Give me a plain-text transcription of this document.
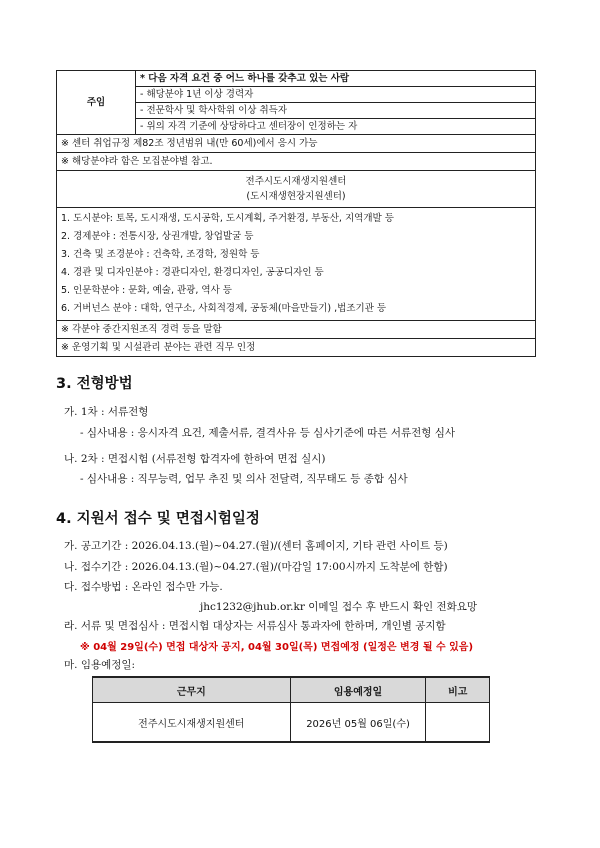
주임	
* 다음 자격 요건 중 어느 하나를 갖추고 있는 사람
- 해당분야 1년 이상 경력자
- 전문학사 및 학사학위 이상 취득자
- 위의 자격 기준에 상당하다고 센터장이 인정하는 자

※ 센터 취업규정 제82조 정년범위 내(만 60세)에서 응시 가능
※ 해당분야라 함은 모집분야별 참고.

전주시도시재생지원센터
(도시재생현장지원센터)

1. 도시분야: 토목, 도시재생, 도시공학, 도시계획, 주거환경, 부동산, 지역개발 등
2. 경제분야 : 전통시장, 상권개발, 창업발굴 등
3. 건축 및 조경분야 : 건축학, 조경학, 정원학 등
4. 경관 및 디자인분야 : 경관디자인, 환경디자인, 공공디자인 등
5. 인문학분야 : 문화, 예술, 관광, 역사 등
6. 거버넌스 분야 : 대학, 연구소, 사회적경제, 공동체(마을만들기) ,법조기관 등

※ 각분야 중간지원조직 경력 등을 말함
※ 운영기획 및 시설관리 분야는 관련 직무 인정
3. 전형방법
가. 1차 : 서류전형
- 심사내용 : 응시자격 요건, 제출서류, 결격사유 등 심사기준에 따른 서류전형 심사
나. 2차 : 면접시험 (서류전형 합격자에 한하여 면접 실시)
- 심사내용 : 직무능력, 업무 추진 및 의사 전달력, 직무태도 등 종합 심사
4. 지원서 접수 및 면접시험일정
가. 공고기간 : 2026.04.13.(월)~04.27.(월)/(센터 홈페이지, 기타 관련 사이트 등)
나. 접수기간 : 2026.04.13.(월)~04.27.(월)/(마감일 17:00시까지 도착분에 한함)
다. 접수방법 : 온라인 접수만 가능.
jhc1232@jhub.or.kr 이메일 접수 후 반드시 확인 전화요망
라. 서류 및 면접심사 : 면접시험 대상자는 서류심사 통과자에 한하며, 개인별 공지함
※ 04월 29일(수) 면접 대상자 공지, 04월 30일(목) 면접예정 (일정은 변경 될 수 있음)
마. 임용예정일:
근무지	임용예정일	비고
전주시도시재생지원센터	2026년 05월 06일(수)	
